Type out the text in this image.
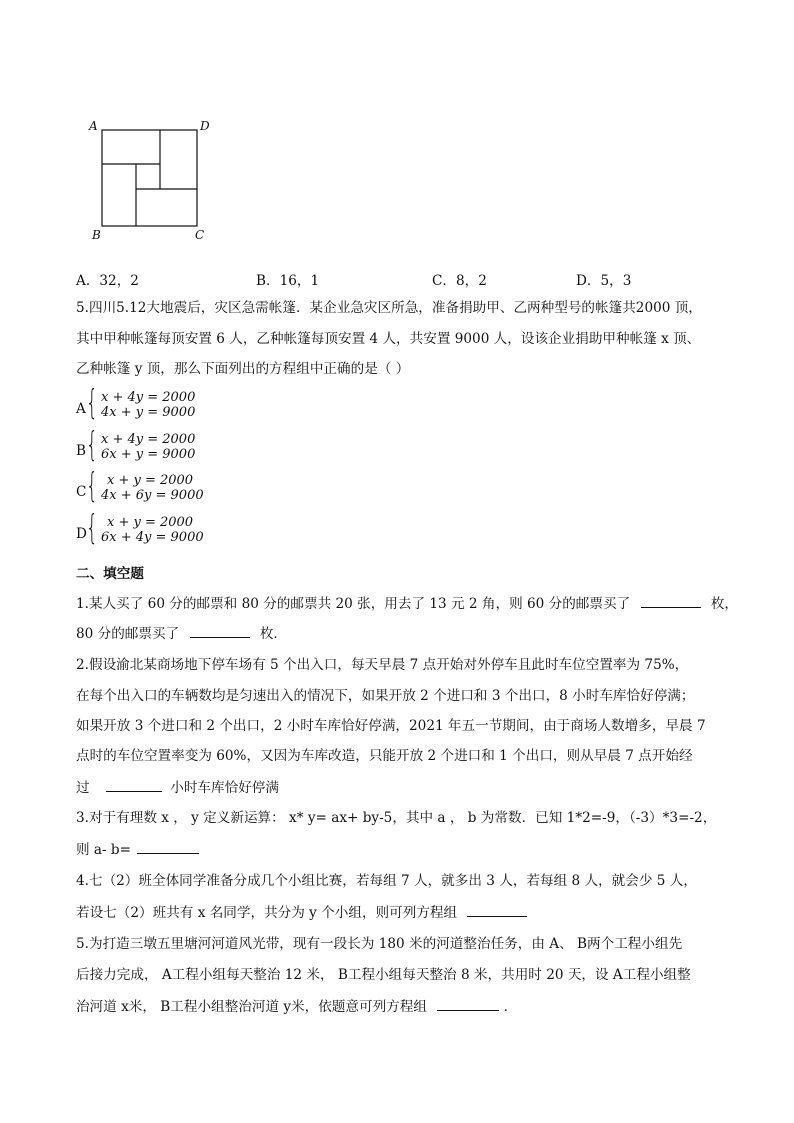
A	D
B	C
A．32，2	B．16，1	C．8，2	D．5，3
5.四川5.12大地震后，灾区急需帐篷．某企业急灾区所急，准备捐助甲、乙两种型号的帐篷共2000 顶，
其中甲种帐篷每顶安置 6 人，乙种帐篷每顶安置 4 人，共安置 9000 人，设该企业捐助甲种帐篷 x 顶、
乙种帐篷 y 顶，那么下面列出的方程组中正确的是（ ）
A { x + 4y = 2000
4x + y = 9000
B { x + 4y = 2000
6x + y = 9000
C { x + y = 2000
4x + 6y = 9000
D { x + y = 2000
6x + 4y = 9000
二、填空题
1.某人买了 60 分的邮票和 80 分的邮票共 20 张，用去了 13 元 2 角，则 60 分的邮票买了	枚，
80 分的邮票买了	枚．
2.假设渝北某商场地下停车场有 5 个出入口，每天早晨 7 点开始对外停车且此时车位空置率为 75%，
在每个出入口的车辆数均是匀速出入的情况下，如果开放 2 个进口和 3 个出口，8 小时车库恰好停满；
如果开放 3 个进口和 2 个出口，2 小时车库恰好停满，2021 年五一节期间，由于商场人数增多，早晨 7
点时的车位空置率变为 60%，又因为车库改造，只能开放 2 个进口和 1 个出口，则从早晨 7 点开始经
过	小时车库恰好停满
3.对于有理数 x ， y 定义新运算： x* y= ax+ by-5，其中 a ， b 为常数．已知 1*2=-9，（-3）*3=-2，
则 a- b=
4.七（2）班全体同学准备分成几个小组比赛，若每组 7 人，就多出 3 人，若每组 8 人，就会少 5 人，
若设七（2）班共有 x 名同学，共分为 y 个小组，则可列方程组
5.为打造三墩五里塘河河道风光带，现有一段长为 180 米的河道整治任务，由 A、 B两个工程小组先
后接力完成， A工程小组每天整治 12 米， B工程小组每天整治 8 米，共用时 20 天，设 A工程小组整
治河道 x米， B工程小组整治河道 y米，依题意可列方程组	．
